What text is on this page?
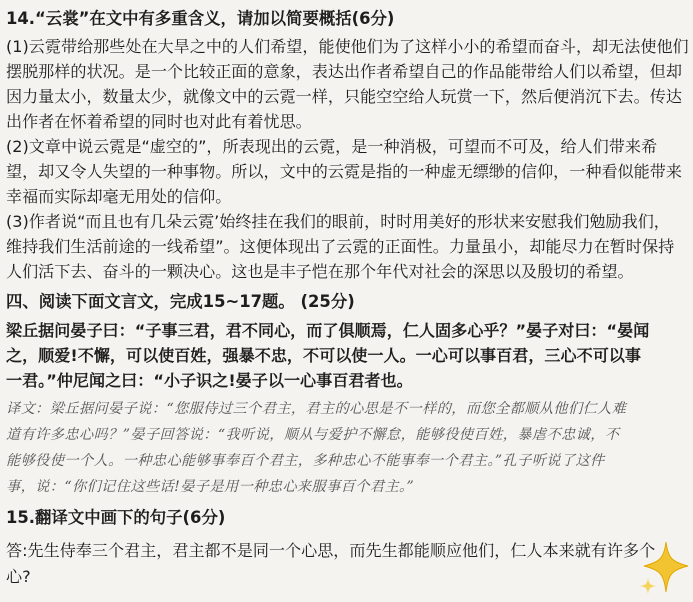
14.“云裳”在文中有多重含义，请加以简要概括(6分)
(1)云霓带给那些处在大旱之中的人们希望，能使他们为了这样小小的希望而奋斗，却无法使他们
摆脱那样的状况。是一个比较正面的意象，表达出作者希望自己的作品能带给人们以希望，但却
因力量太小，数量太少，就像文中的云霓一样，只能空空给人玩赏一下，然后便消沉下去。传达
出作者在怀着希望的同时也对此有着忧思。
(2)文章中说云霓是“虚空的”，所表现出的云霓，是一种消极，可望而不可及，给人们带来希
望，却又令人失望的一种事物。所以，文中的云霓是指的一种虚无缥缈的信仰，一种看似能带来
幸福而实际却毫无用处的信仰。
(3)作者说“而且也有几朵云霓’始终挂在我们的眼前，时时用美好的形状来安慰我们勉励我们，
维持我们生活前途的一线希望”。这便体现出了云霓的正面性。力量虽小，却能尽力在暂时保持
人们活下去、奋斗的一颗决心。这也是丰子恺在那个年代对社会的深思以及殷切的希望。
四、阅读下面文言文，完成15~17题。 (25分)
梁丘据问晏子曰：“子事三君，君不同心，而了俱顺焉，仁人固多心乎？”晏子对曰：“晏闻
之，顺爱!不懈，可以使百姓，强暴不忠，不可以使一人。一心可以事百君，三心不可以事
一君。”仲尼闻之曰：“小子识之!晏子以一心事百君者也。
译文：梁丘据问晏子说：“您服侍过三个君主，君主的心思是不一样的，而您全都顺从他们仁人难
道有许多忠心吗？”晏子回答说：“我听说，顺从与爱护不懈怠，能够役使百姓，暴虐不忠诚，不
能够役使一个人。一种忠心能够事奉百个君主，多种忠心不能事奉一个君主。”孔子听说了这件
事，说：“你们记住这些话!晏子是用一种忠心来服事百个君主。”
15.翻译文中画下的句子(6分)
答:先生侍奉三个君主，君主都不是同一个心思，而先生都能顺应他们，仁人本来就有许多个
心?
